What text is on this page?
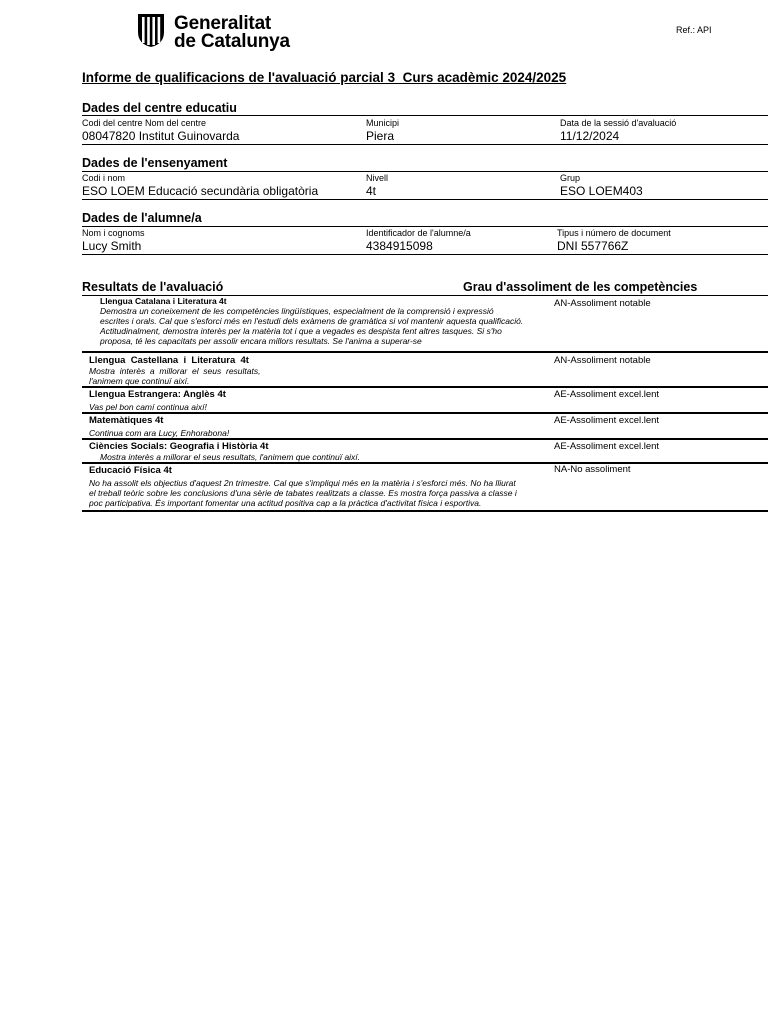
Generalitat
de Catalunya
Ref.: API
Informe de qualificacions de l'avaluació parcial 3  Curs acadèmic 2024/2025
Dades del centre educatiu
Codi del centre Nom del centre
08047820 Institut Guinovarda
Municipi
Piera
Data de la sessió d'avaluació
11/12/2024
Dades de l'ensenyament
Codi i nom
ESO LOEM Educació secundària obligatòria
Nivell
4t
Grup
ESO LOEM403
Dades de l'alumne/a
Nom i cognoms
Lucy Smith
Identificador de l'alumne/a
4384915098
Tipus i número de document
DNI 557766Z
Resultats de l'avaluació	Grau d'assoliment de les competències
Llengua Catalana i Literatura 4t
Demostra un coneixement de les competències lingüístiques, especialment de la comprensió i expressió
escrites i orals. Cal que s'esforci més en l'estudi dels exàmens de gramàtica si vol mantenir aquesta qualificació.
Actitudinalment, demostra interès per la matèria tot i que a vegades es despista fent altres tasques. Si s'ho
proposa, té les capacitats per assolir encara millors resultats. Se l'anima a superar-se
AN-Assoliment notable
Llengua  Castellana  i  Literatura  4t
Mostra  interès  a  millorar  el  seus  resultats,
l'animem que continuï així.
AN-Assoliment notable
Llengua Estrangera: Anglès 4t
Vas pel bon camí continua així!
AE-Assoliment excel.lent
Matemàtiques 4t
Continua com ara Lucy, Enhorabona!
AE-Assoliment excel.lent
Ciències Socials: Geografia i Història 4t
Mostra interès a millorar el seus resultats, l'animem que continuï així.
AE-Assoliment excel.lent
Educació Física 4t
No ha assolit els objectius d'aquest 2n trimestre. Cal que s'impliqui més en la matèria i s'esforci més. No ha lliurat
el treball teòric sobre les conclusions d'una sèrie de tabates realitzats a classe. Es mostra força passiva a classe i
poc participativa. És important fomentar una actitud positiva cap a la pràctica d'activitat física i esportiva.
NA-No assoliment
